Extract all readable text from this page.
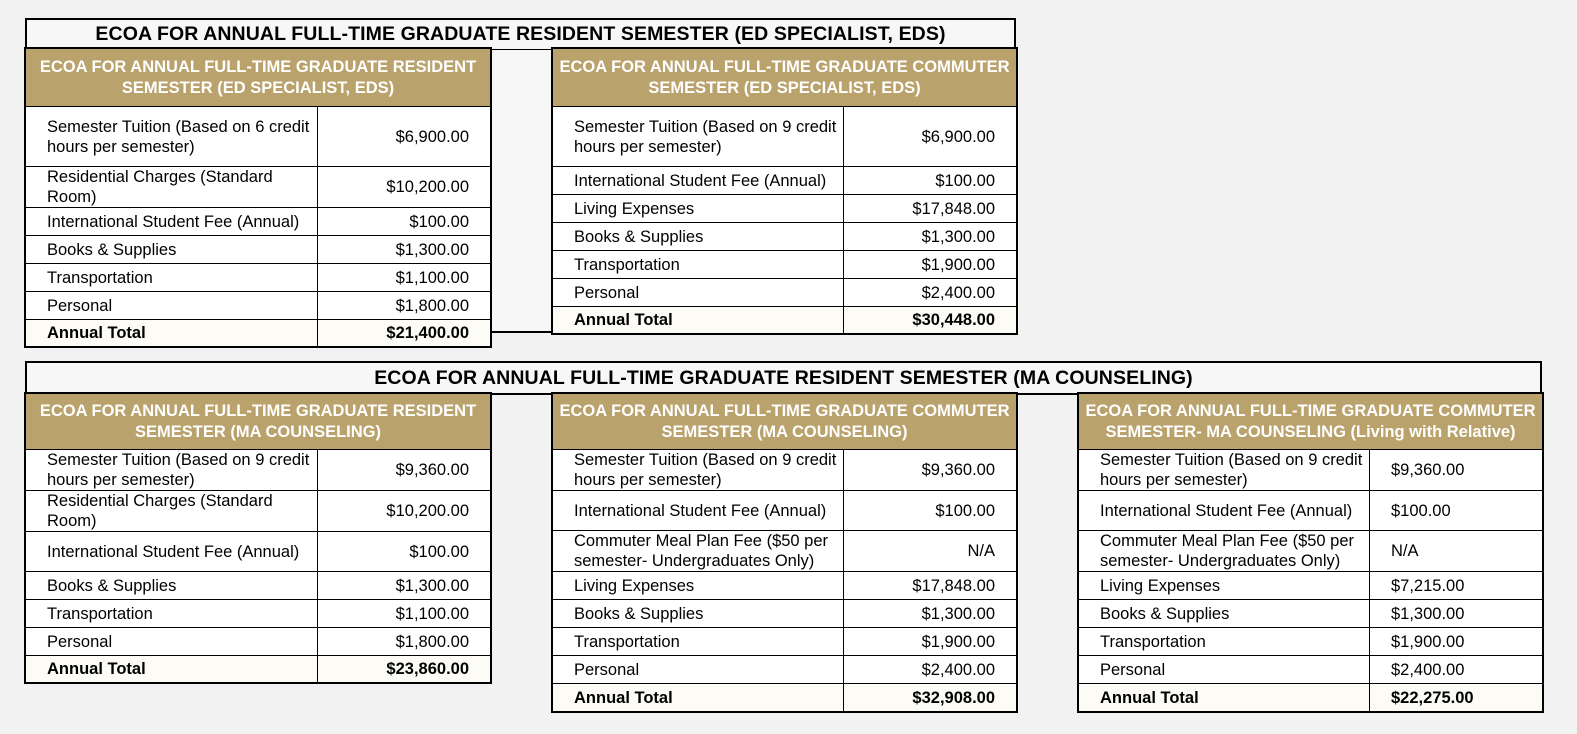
ECOA FOR ANNUAL FULL-TIME GRADUATE RESIDENT SEMESTER (ED SPECIALIST, EDS)
ECOA FOR ANNUAL FULL-TIME GRADUATE RESIDENT SEMESTER (ED SPECIALIST, EDS)	
Semester Tuition (Based on 6 credit hours per semester)	$6,900.00
Residential Charges (Standard Room)	$10,200.00
International Student Fee (Annual)	$100.00
Books & Supplies	$1,300.00
Transportation	$1,100.00
Personal	$1,800.00
Annual Total	$21,400.00
ECOA FOR ANNUAL FULL-TIME GRADUATE COMMUTER SEMESTER (ED SPECIALIST, EDS)	
Semester Tuition (Based on 9 credit hours per semester)	$6,900.00
International Student Fee (Annual)	$100.00
Living Expenses	$17,848.00
Books & Supplies	$1,300.00
Transportation	$1,900.00
Personal	$2,400.00
Annual Total	$30,448.00
ECOA FOR ANNUAL FULL-TIME GRADUATE RESIDENT SEMESTER (MA COUNSELING)
ECOA FOR ANNUAL FULL-TIME GRADUATE RESIDENT SEMESTER (MA COUNSELING)	
Semester Tuition (Based on 9 credit hours per semester)	$9,360.00
Residential Charges (Standard Room)	$10,200.00
International Student Fee (Annual)	$100.00
Books & Supplies	$1,300.00
Transportation	$1,100.00
Personal	$1,800.00
Annual Total	$23,860.00
ECOA FOR ANNUAL FULL-TIME GRADUATE COMMUTER SEMESTER (MA COUNSELING)	
Semester Tuition (Based on 9 credit hours per semester)	$9,360.00
International Student Fee (Annual)	$100.00
Commuter Meal Plan Fee ($50 per semester- Undergraduates Only)	N/A
Living Expenses	$17,848.00
Books & Supplies	$1,300.00
Transportation	$1,900.00
Personal	$2,400.00
Annual Total	$32,908.00
ECOA FOR ANNUAL FULL-TIME GRADUATE COMMUTER SEMESTER- MA COUNSELING (Living with Relative)	
Semester Tuition (Based on 9 credit hours per semester)	$9,360.00
International Student Fee (Annual)	$100.00
Commuter Meal Plan Fee ($50 per semester- Undergraduates Only)	N/A
Living Expenses	$7,215.00
Books & Supplies	$1,300.00
Transportation	$1,900.00
Personal	$2,400.00
Annual Total	$22,275.00
